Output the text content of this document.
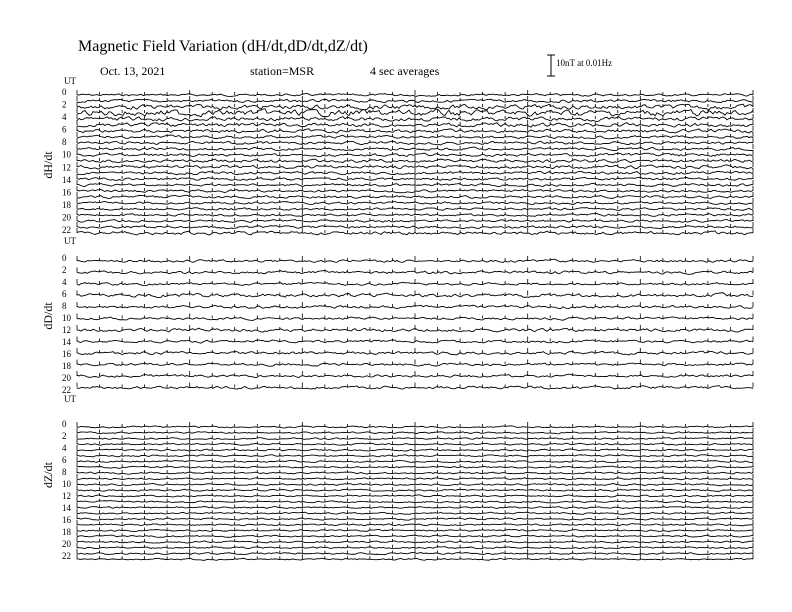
Magnetic Field Variation (dH/dt,dD/dt,dZ/dt)
Oct. 13, 2021	station=MSR	4 sec averages
10nT at 0.01Hz
UT
dH/dt
0
2
4
6
8
10
12
14
16
18
20
22
UT
dD/dt
0
2
4
6
8
10
12
14
16
18
20
22
UT
dZ/dt
0
2
4
6
8
10
12
14
16
18
20
22
